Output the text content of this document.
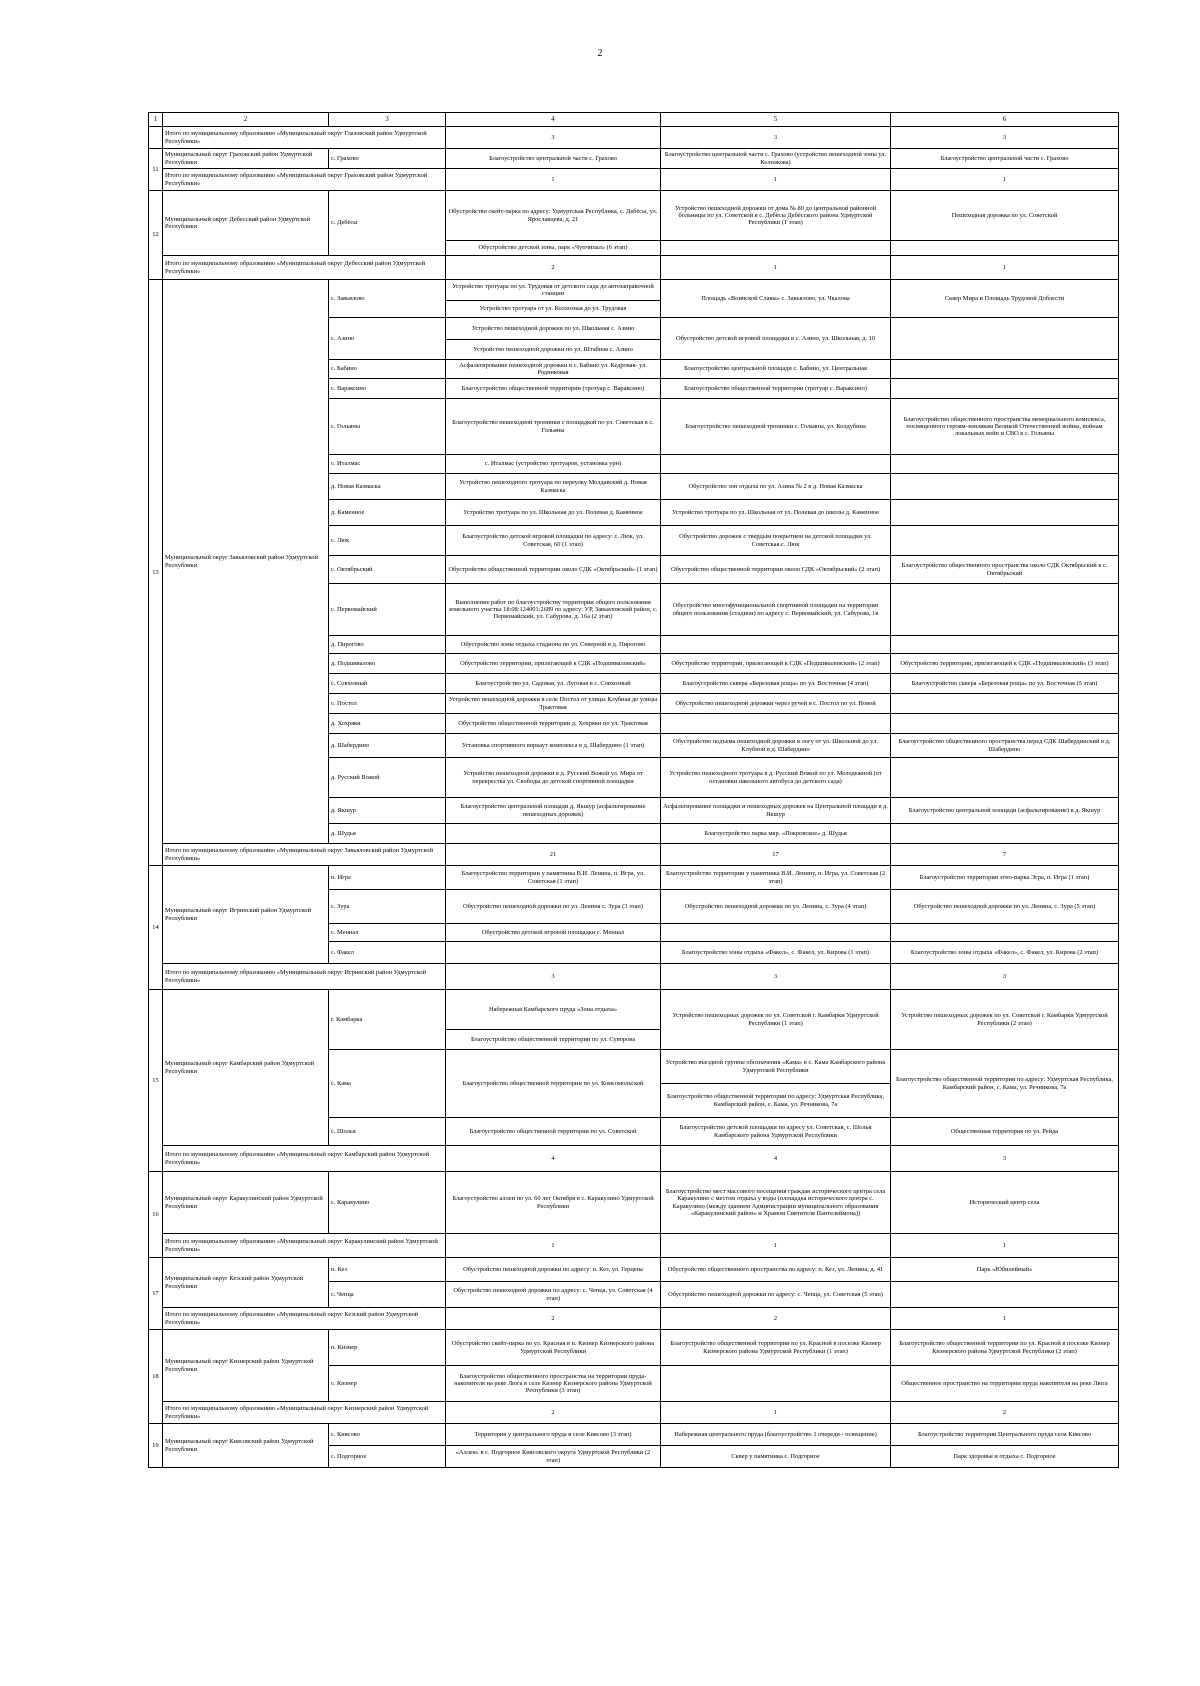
2
1	2	3	4	5	6
	Итого по муниципальному образованию «Муниципальный округ Глазовский район Удмуртской Республики»		3	3	3
11	Муниципальный округ Граховский район Удмуртской Республики	с. Грахово	Благоустройство центральной части с. Грахово	Благоустройство центральной части с. Грахово (устройство пешеходной зоны ул. Колпакова)	Благоустройство центральной части с. Грахово
	Итого по муниципальному образованию «Муниципальный округ Граховский район Удмуртской Республики»		1	1	1
12	Муниципальный округ Дебесский район Удмуртской Республики	с. Дебёсы	Обустройство скейт-парка по адресу: Удмуртская Республика, с. Дебёсы, ул. Ярославцева, д. 21	Устройство пешеходной дорожки от дома № 80 до центральной районной больницы по ул. Советской в с. Дебёсы Дебёсского района Удмуртской Республики (1 этап)	Пешеходная дорожка по ул. Советской
			Обустройство детской зоны, парк «Чупчипал» (6 этап)		
	Итого по муниципальному образованию «Муниципальный округ Дебесский район Удмуртской Республики»		2	1	1
13	Муниципальный округ Завьяловский район Удмуртской Республики	с. Завьялово	Устройство тротуара по ул. Трудовая от детского сада до автозаправочной станции	Площадь «Воинской Славы» с. Завьялово, ул. Чкалова	Сквер Мира и Площадь Трудовой Доблести
			Устройство тротуара от ул. Колхозная до ул. Трудовая		
		с. Азино	Устройство пешеходной дорожки по ул. Школьная с. Азино	Обустройство детской игровой площадки в с. Азино, ул. Школьная, д. 10	
			Устройство пешеходной дорожки по ул. Штабная с. Азино		
		с. Бабино	Асфальтирование пешеходной дорожки в с. Бабино ул. Кедровая- ул. Родниковая	Благоустройство центральной площади с. Бабино, ул. Центральная	
		с. Вараксино	Благоустройство общественной территории (тротуар с. Вараксино)	Благоустройство общественной территории (тротуар с. Вараксино)	
		с. Гольяны	Благоустройство пешеходной тропинки с площадкой по ул. Советская в с. Гольяны	Благоустройство пешеходной тропинки с. Гольяны, ул. Колдубина	Благоустройство общественного пространства мемориального комплекса, посвященного героям-землякам Великой Отечественной войны, войнам локальных войн и СВО в с. Гольяны
		с. Италмас	с. Италмас (устройство тротуаров, установка урн)		
		д. Новая Казмаска	Устройство пешеходного тротуара по переулку Молдавский д. Новая Казмаска	Обустройство зон отдыха по ул. Азина № 2 в д. Новая Казмаска	
		д. Каменное	Устройство тротуара по ул. Школьная до ул. Полевая д. Каменное	Устройство тротуара по ул. Школьная от ул. Полевая до школы д. Каменное	
		с. Люк	Благоустройство детской игровой площадки по адресу: с. Люк, ул. Советская, 60 (1 этап)	Обустройство дорожек с твердым покрытием на детской площадки ул. Советская.с. Люк	
		с. Октябрьский	Обустройство общественной территории около СДК «Октябрьский» (1 этап)	Обустройство общественной территории около СДК «Октябрьский» (2 этап)	Благоустройство общественного пространства около СДК Октябрьский в с. Октябрьский
		с. Первомайский	Выполнение работ по благоустройству территории общего пользования земельного участка 18:08:124001:2689 по адресу: УР, Завьяловский район, с. Первомайский, ул. Сабурова, д. 16а (2 этап)	Обустройство многофункциональной спортивной площадки на территории общего пользования (стадион) по адресу с. Первомайский, ул. Сабурова, 1в	
		д. Пирогово	Обустройство зоны отдыха стадиона по ул. Северной в д. Пирогово		
		д. Подшивалово	Обустройство территории, прилегающей к СДК «Подшиваловский»	Обустройство территории, прилегающей к СДК «Подшиваловский» (2 этап)	Обустройство территории, прилегающей к СДК «Подшиваловский» (3 этап)
		с. Совхозный	Благоустройство ул. Садовая, ул. Луговая в с. Совхозный	Благоустройство сквера «Березовая роща» по ул. Восточная (4 этап)	Благоустройство сквера «Березовая роща» по ул. Восточная (5 этап)
		с. Постол	Устройство пешеходной дорожки в селе Постол от улицы Клубная до улицы Трактовая	Обустройство пешеходной дорожки через ручей в с. Постол по ул. Новой	
		д. Хохряки	Обустройство общественной территории д. Хохряки по ул. Трактовая		
		д. Шабердино	Установка спортивного воркаут комплекса в д. Шабердино (1 этап)	Обустройство подъема пешеходной дорожки в логу от ул. Школьной до ул. Клубной в д. Шабердино	Благоустройство общественного пространства перед СДК Шабердинский в д. Шабердино
		д. Русский Вожой	Устройство пешеходной дорожки в д. Русский Вожой ул. Мира от перекрестка ул. Свободы до детской спортивной площадки	Устройство пешеходного тротуара в д. Русский Вожой по ул. Молодежной (от остановки школьного автобуса до детского сада)	
		д. Якшур	Благоустройство центральной площади д. Якшур (асфальтирование пешеходных дорожек)	Асфальтирование площадки и пешеходных дорожек на Центральной площади в д. Якшур	Благоустройство центральной площади (асфальтирование) в д. Якшур
		д. Шудья		Благоустройство парка мкр. «Покровское» д. Шудья	
	Итого по муниципальному образованию «Муниципальный округ Завьяловский район Удмуртской Республики»		21	17	7
14	Муниципальный округ Игринский район Удмуртской Республики	п. Игра	Благоустройство территории у памятника В.И. Ленина, п. Игра, ул. Советская (1 этап)	Благоустройство территории у памятника В.И. Ленину, п. Игра, ул. Советская (2 этап)	Благоустройство территории этно-парка Эгра, п. Игра (1 этап)
		с. Зура	Обустройство пешеходной дорожки по ул. Ленина с. Зура (3 этап)	Обустройство пешеходной дорожки по ул. Ленина, с. Зура (4 этап)	Обустройство пешеходной дорожки по ул. Ленина, с. Зура (5 этап)
		с. Мениал	Обустройство детской игровой площадки с. Мениал		
		с. Факел		Благоустройство зоны отдыха «Факел», с. Факел, ул. Кирова (1 этап)	Благоустройство зоны отдыха «Факел», с. Факел, ул. Кирова (2 этап)
	Итого по муниципальному образованию «Муниципальный округ Игринский район Удмуртской Республики»		3	3	3
15	Муниципальный округ Камбарский район Удмуртской Республики	г. Камбарка	Набережная Камбарского пруда «Зона отдыха»	Устройство пешеходных дорожек по ул. Советской г. Камбарки Удмуртской Республики (1 этап)	Устройство пешеходных дорожек по ул. Советской г. Камбарки Удмуртской Республики (2 этап)
			Благоустройство общественной территории по ул. Суворова		
		с. Кама	Благоустройство общественной территории по ул. Комсомольской	Устройство въездной группы обозначения «Кама» в с. Кама Камбарского района Удмуртской Республики	Благоустройство общественной территории по адресу: Удмуртская Республика, Камбарский район, с. Кама, ул. Речникова, 7а
				Благоустройство общественной территории по адресу: Удмуртская Республика, Камбарский район, с. Кама, ул. Речникова, 7а	
		с. Шолья	Благоустройство общественной территории по ул. Советской	Благоустройство детской площадки по адресу ул. Советская, с. Шолья Камбарского района Удмуртской Республики	Общественная территория по ул. Рейда
	Итого по муниципальному образованию «Муниципальный округ Камбарский район Удмуртской Республики»		4	4	3
16	Муниципальный округ Каракулинский район Удмуртской Республики	с. Каракулино	Благоустройство аллеи по ул. 60 лет Октября в с. Каракулино Удмуртской Республики	Благоустройство мест массового посещения граждан исторического центра села Каракулино с местом отдыха у воды (площадка исторического центра с. Каракулино (между зданием Администрации муниципального образования «Каракулинский район» и Храмом Святителя Пантелеймона))	Исторический центр села
	Итого по муниципальному образованию «Муниципальный округ Каракулинский район Удмуртской Республики»		1	1	1
17	Муниципальный округ Кезский район Удмуртской Республики	п. Кез	Обустройство пешеходной дорожки по адресу: п. Кез, ул. Герцена	Обустройство общественного пространства по адресу: п. Кез, ул. Ленина, д. 41	Парк «Юбилейный»
		с. Чепца	Обустройство пешеходной дорожки по адресу: с. Чепца, ул. Советская (4 этап)	Обустройство пешеходной дорожки по адресу: с. Чепца, ул. Советская (5 этап)	
	Итого по муниципальному образованию «Муниципальный округ Кезский район Удмуртской Республики»		2	2	1
18	Муниципальный округ Кизнерский район Удмуртской Республики	п. Кизнер	Обустройство скейт-парка по ул. Красная в п. Кизнер Кизнерского района Удмуртской Республики	Благоустройство общественной территории по ул. Красной в поселке Кизнер Кизнерского района Удмуртской Республики (1 этап)	Благоустройство общественной территории по ул. Красной в поселке Кизнер Кизнерского района Удмуртской Республики (2 этап)
		с. Кизнер	Благоустройство общественного пространства на территории пруда-накопителя на реке Люга в селе Кизнер Кизнерского района Удмуртской Республики (3 этап)		Общественное пространство на территории пруда накопителя на реке Люга
	Итого по муниципальному образованию «Муниципальный округ Кизнерский район Удмуртской Республики»		2	1	2
19	Муниципальный округ Киясовский район Удмуртской Республики	с. Киясово	Территория у центрального пруда в селе Киясово (3 этап)	Набережная центрального пруда (благоустройство 1 очереди - освещение)	Благоустройство территории Центрального пруда села Киясово
		с. Подгорное	«Аллея» в с. Подгорное Киясовского округа Удмуртской Республики (2 этап)	Сквер у памятника с. Подгорное	Парк здоровья и отдыха с. Подгорное
